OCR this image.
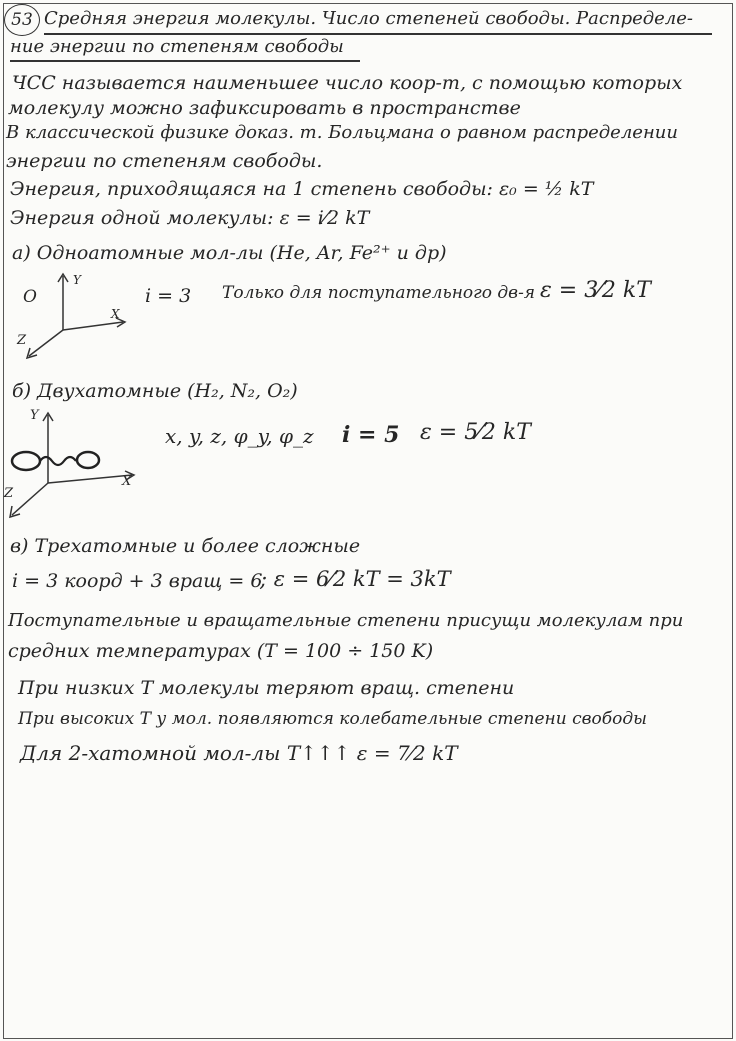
53 Средняя энергия молекулы. Число степеней свободы. Распределе-
ние энергии по степеням свободы
ЧСС называется наименьшее число коор-т, с помощью которых
молекулу можно зафиксировать в пространстве
В классической физике доказ. т. Больцмана о равном распределении
энергии по степеням свободы.
Энергия, приходящаяся на 1 степень свободы: ε₀ = ½ kT
Энергия одной молекулы: ε = i⁄2 kT
а) Одноатомные мол-лы (He, Ar, Fe²⁺ и др)
O
Y
X
Z
i = 3 Только для поступательного дв-я ε = 3⁄2 kT
б) Двухатомные (H₂, N₂, O₂)
Y
X
Z
x, y, z, φ_y, φ_z i = 5 ε = 5⁄2 kT
в) Трехатомные и более сложные
i = 3 коорд + 3 вращ = 6
; ε = 6⁄2 kT = 3kT
Поступательные и вращательные степени присущи молекулам при
средних температурах (T = 100 ÷ 150 K)
При низких T молекулы теряют вращ. степени
При высоких T у мол. появляются колебательные степени свободы
Для 2-хатомной мол-лы T↑↑↑ ε = 7⁄2 kT
